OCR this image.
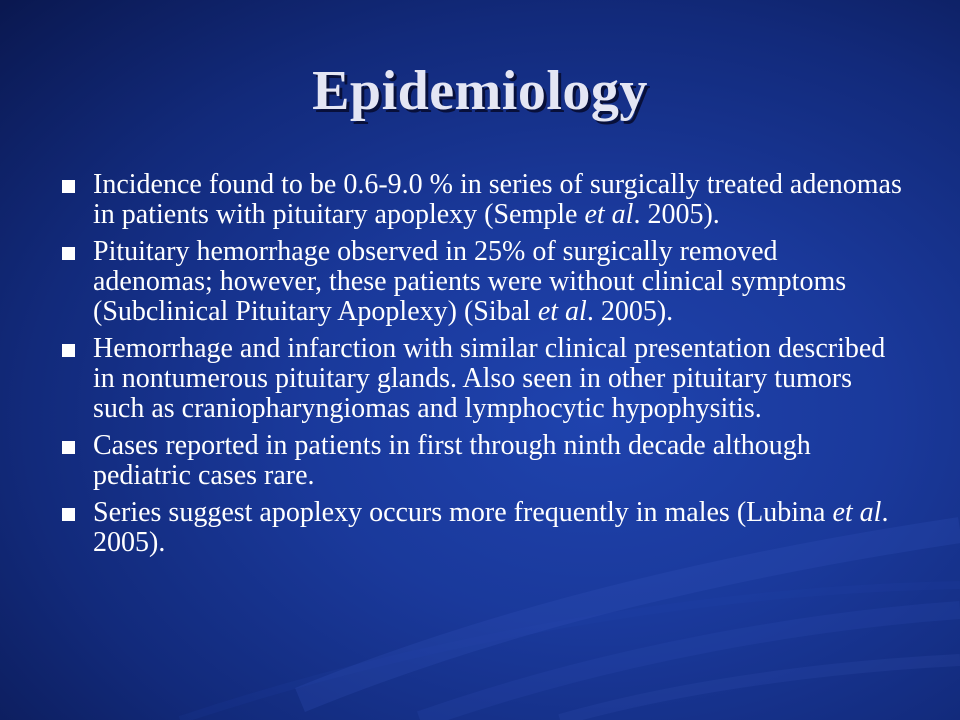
Epidemiology
Incidence found to be 0.6-9.0 % in series of surgically treated adenomas in patients with pituitary apoplexy (Semple et al. 2005).
Pituitary hemorrhage observed in 25% of surgically removed adenomas; however, these patients were without clinical symptoms (Subclinical Pituitary Apoplexy) (Sibal et al. 2005).
Hemorrhage and infarction with similar clinical presentation described in nontumerous pituitary glands. Also seen in other pituitary tumors such as craniopharyngiomas and lymphocytic hypophysitis.
Cases reported in patients in first through ninth decade although pediatric cases rare.
Series suggest apoplexy occurs more frequently in males (Lubina et al. 2005).
